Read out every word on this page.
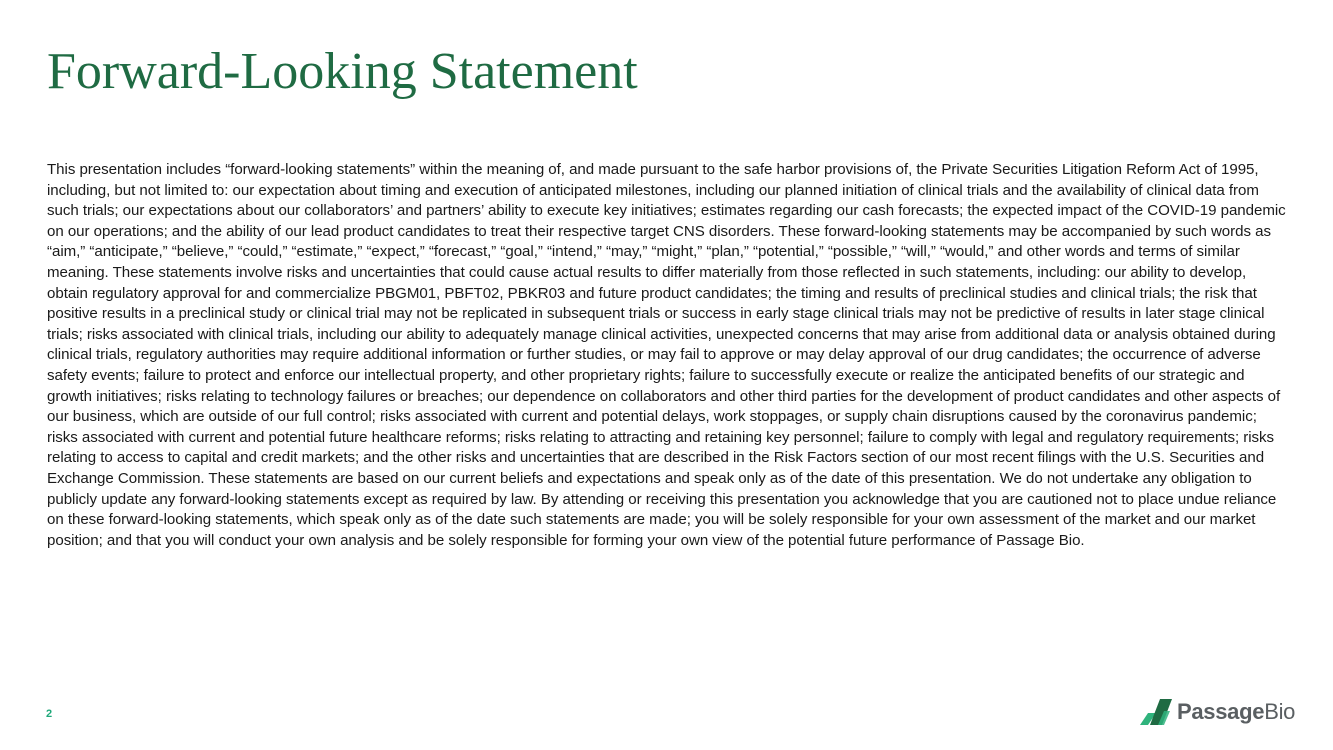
Forward-Looking Statement

This presentation includes “forward-looking statements” within the meaning of, and made pursuant to the safe harbor provisions of, the Private Securities Litigation Reform Act of 1995, including, but not limited to: our expectation about timing and execution of anticipated milestones, including our planned initiation of clinical trials and the availability of clinical data from such trials; our expectations about our collaborators’ and partners’ ability to execute key initiatives; estimates regarding our cash forecasts; the expected impact of the COVID-19 pandemic on our operations; and the ability of our lead product candidates to treat their respective target CNS disorders. These forward-looking statements may be accompanied by such words as “aim,” “anticipate,” “believe,” “could,” “estimate,” “expect,” “forecast,” “goal,” “intend,” “may,” “might,” “plan,” “potential,” “possible,” “will,” “would,” and other words and terms of similar meaning. These statements involve risks and uncertainties that could cause actual results to differ materially from those reflected in such statements, including: our ability to develop, obtain regulatory approval for and commercialize PBGM01, PBFT02, PBKR03 and future product candidates; the timing and results of preclinical studies and clinical trials; the risk that positive results in a preclinical study or clinical trial may not be replicated in subsequent trials or success in early stage clinical trials may not be predictive of results in later stage clinical trials; risks associated with clinical trials, including our ability to adequately manage clinical activities, unexpected concerns that may arise from additional data or analysis obtained during clinical trials, regulatory authorities may require additional information or further studies, or may fail to approve or may delay approval of our drug candidates; the occurrence of adverse safety events; failure to protect and enforce our intellectual property, and other proprietary rights; failure to successfully execute or realize the anticipated benefits of our strategic and growth initiatives; risks relating to technology failures or breaches; our dependence on collaborators and other third parties for the development of product candidates and other aspects of our business, which are outside of our full control; risks associated with current and potential delays, work stoppages, or supply chain disruptions caused by the coronavirus pandemic; risks associated with current and potential future healthcare reforms; risks relating to attracting and retaining key personnel; failure to comply with legal and regulatory requirements; risks relating to access to capital and credit markets; and the other risks and uncertainties that are described in the Risk Factors section of our most recent filings with the U.S. Securities and Exchange Commission. These statements are based on our current beliefs and expectations and speak only as of the date of this presentation. We do not undertake any obligation to publicly update any forward-looking statements except as required by law. By attending or receiving this presentation you acknowledge that you are cautioned not to place undue reliance on these forward-looking statements, which speak only as of the date such statements are made; you will be solely responsible for your own assessment of the market and our market position; and that you will conduct your own analysis and be solely responsible for forming your own view of the potential future performance of Passage Bio.

2	PassageBio
